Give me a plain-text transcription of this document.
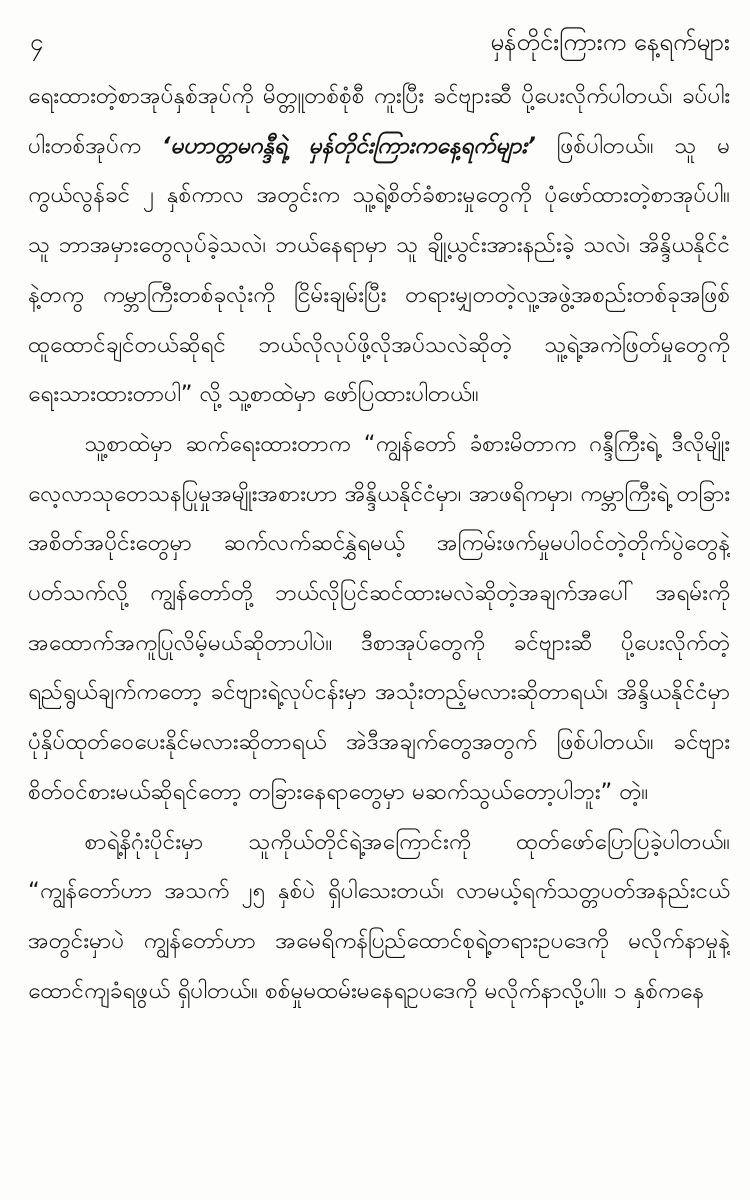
၄	မှန်တိုင်းကြားက နေ့ရက်များ

ရေးထားတဲ့စာအုပ်နှစ်အုပ်ကို မိတ္တူတစ်စုံစီ ကူးပြီး ခင်ဗျားဆီ ပို့ပေးလိုက်ပါတယ်၊ ခပ်ပါးပါးတစ်အုပ်က ‘မဟာတ္တမဂန္ဒီရဲ့ မှန်တိုင်းကြားကနေ့ရက်များ’ ဖြစ်ပါတယ်။ သူ မကွယ်လွန်ခင် ၂ နှစ်ကာလ အတွင်းက သူ့ရဲ့စိတ်ခံစားမှုတွေကို ပုံဖော်ထားတဲ့စာအုပ်ပါ။ သူ ဘာအမှားတွေလုပ်ခဲ့သလဲ၊ ဘယ်နေရာမှာ သူ ချို့ယွင်းအားနည်းခဲ့ သလဲ၊ အိန္ဒိယနိုင်ငံနဲ့တကွ ကမ္ဘာကြီးတစ်ခုလုံးကို ငြိမ်းချမ်းပြီး တရားမျှတတဲ့လူ့အဖွဲ့အစည်းတစ်ခုအဖြစ် ထူထောင်ချင်တယ်ဆိုရင် ဘယ်လိုလုပ်ဖို့လိုအပ်သလဲဆိုတဲ့ သူ့ရဲ့အကဲဖြတ်မှုတွေကို ရေးသားထားတာပါ” လို့ သူ့စာထဲမှာ ဖော်ပြထားပါတယ်။

သူ့စာထဲမှာ ဆက်ရေးထားတာက “ကျွန်တော် ခံစားမိတာက ဂန္ဒီကြီးရဲ့ ဒီလိုမျိုး လေ့လာသုတေသနပြုမှုအမျိုးအစားဟာ အိန္ဒိယနိုင်ငံမှာ၊ အာဖရိကမှာ၊ ကမ္ဘာကြီးရဲ့ တခြားအစိတ်အပိုင်းတွေမှာ ဆက်လက်ဆင်နွှဲရမယ့် အကြမ်းဖက်မှုမပါဝင်တဲ့တိုက်ပွဲတွေနဲ့ပတ်သက်လို့ ကျွန်တော်တို့ ဘယ်လိုပြင်ဆင်ထားမလဲဆိုတဲ့အချက်အပေါ် အရမ်းကို အထောက်အကူပြုလိမ့်မယ်ဆိုတာပါပဲ။ ဒီစာအုပ်တွေကို ခင်ဗျားဆီ ပို့ပေးလိုက်တဲ့ရည်ရွယ်ချက်ကတော့ ခင်ဗျားရဲ့လုပ်ငန်းမှာ အသုံးတည့်မလားဆိုတာရယ်၊ အိန္ဒိယနိုင်ငံမှာ ပုံနှိပ်ထုတ်ဝေပေးနိုင်မလားဆိုတာရယ် အဲဒီအချက်တွေအတွက် ဖြစ်ပါတယ်။ ခင်ဗျား စိတ်ဝင်စားမယ်ဆိုရင်တော့ တခြားနေရာတွေမှာ မဆက်သွယ်တော့ပါဘူး” တဲ့။

စာရဲ့နိဂုံးပိုင်းမှာ သူကိုယ်တိုင်ရဲ့အကြောင်းကို ထုတ်ဖော်ပြောပြခဲ့ပါတယ်။ “ကျွန်တော်ဟာ အသက် ၂၅ နှစ်ပဲ ရှိပါသေးတယ်၊ လာမယ့်ရက်သတ္တပတ်အနည်းငယ်အတွင်းမှာပဲ ကျွန်တော်ဟာ အမေရိကန်ပြည်ထောင်စုရဲ့တရားဥပဒေကို မလိုက်နာမှုနဲ့ ထောင်ကျခံရဖွယ် ရှိပါတယ်။ စစ်မှုမထမ်းမနေရဥပဒေကို မလိုက်နာလို့ပါ။ ၁ နှစ်ကနေ
